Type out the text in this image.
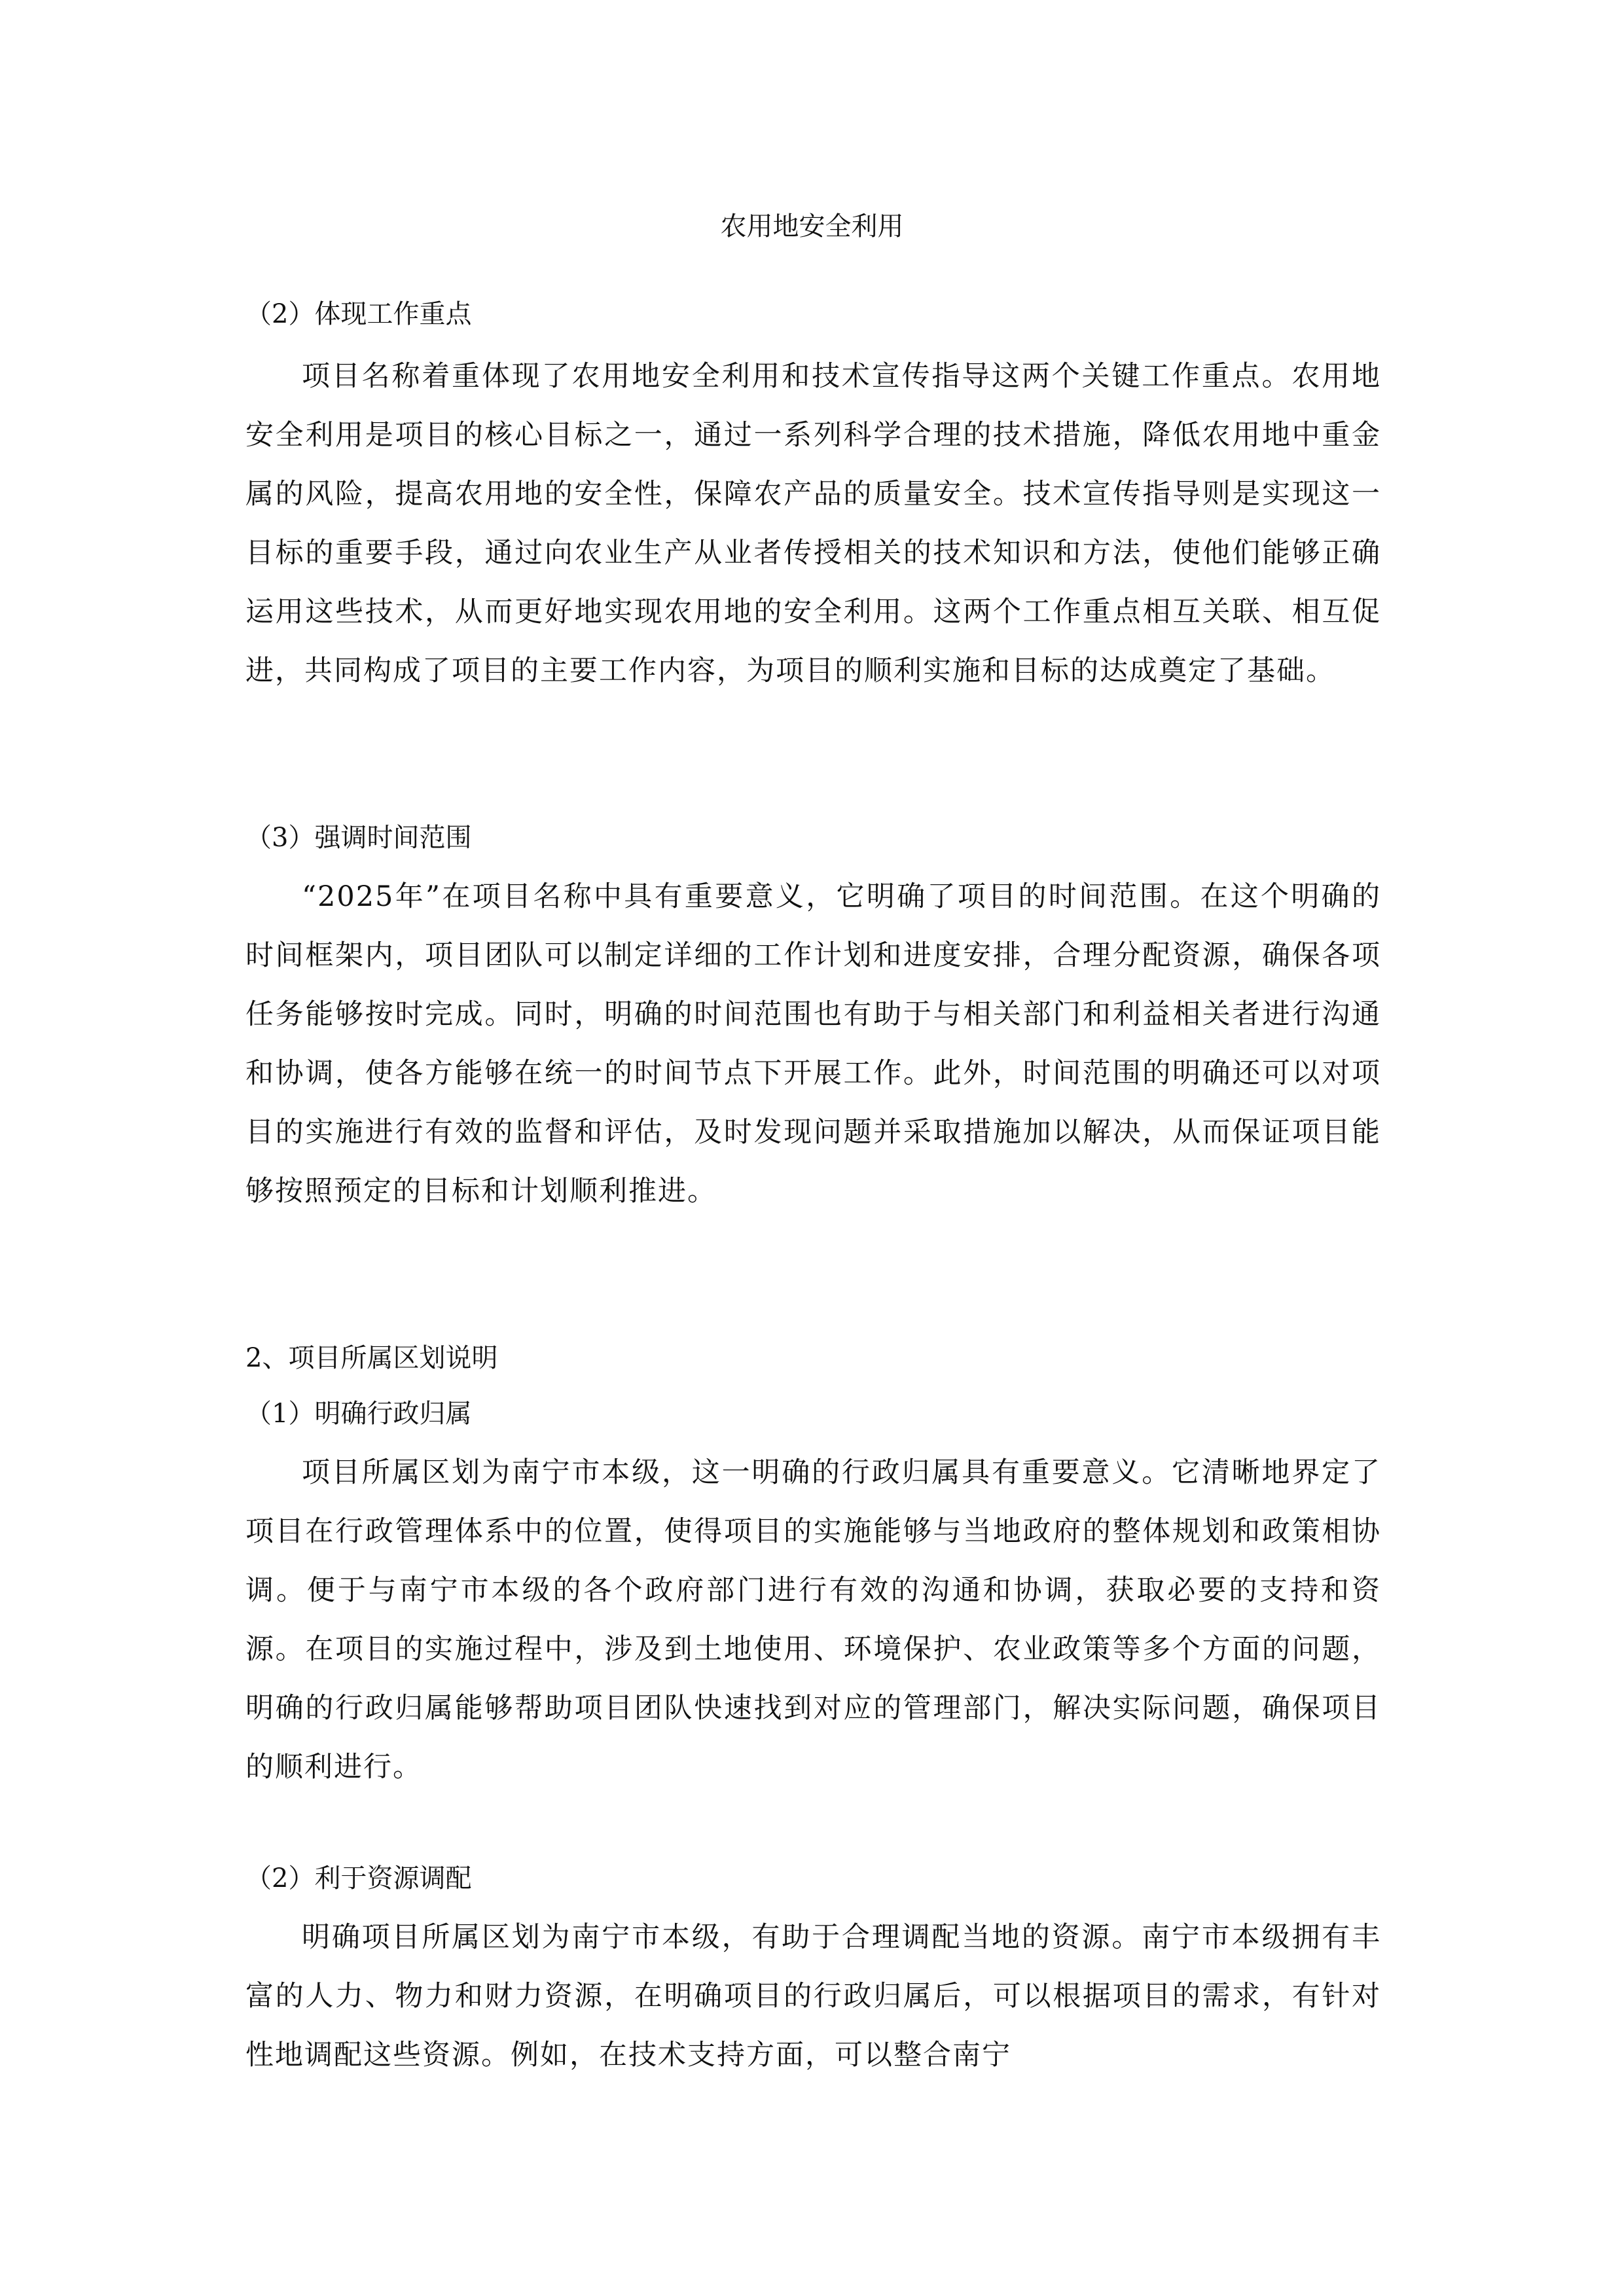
农用地安全利用
（2）体现工作重点

项目名称着重体现了农用地安全利用和技术宣传指导这两个关键工作重点。农用地安全利用是项目的核心目标之一，通过一系列科学合理的技术措施，降低农用地中重金属的风险，提高农用地的安全性，保障农产品的质量安全。技术宣传指导则是实现这一目标的重要手段，通过向农业生产从业者传授相关的技术知识和方法，使他们能够正确运用这些技术，从而更好地实现农用地的安全利用。这两个工作重点相互关联、相互促进，共同构成了项目的主要工作内容，为项目的顺利实施和目标的达成奠定了基础。

（3）强调时间范围

“2025年”在项目名称中具有重要意义，它明确了项目的时间范围。在这个明确的时间框架内，项目团队可以制定详细的工作计划和进度安排，合理分配资源，确保各项任务能够按时完成。同时，明确的时间范围也有助于与相关部门和利益相关者进行沟通和协调，使各方能够在统一的时间节点下开展工作。此外，时间范围的明确还可以对项目的实施进行有效的监督和评估，及时发现问题并采取措施加以解决，从而保证项目能够按照预定的目标和计划顺利推进。

2、项目所属区划说明
（1）明确行政归属

项目所属区划为南宁市本级，这一明确的行政归属具有重要意义。它清晰地界定了项目在行政管理体系中的位置，使得项目的实施能够与当地政府的整体规划和政策相协调。便于与南宁市本级的各个政府部门进行有效的沟通和协调，获取必要的支持和资源。在项目的实施过程中，涉及到土地使用、环境保护、农业政策等多个方面的问题，明确的行政归属能够帮助项目团队快速找到对应的管理部门，解决实际问题，确保项目的顺利进行。

（2）利于资源调配

明确项目所属区划为南宁市本级，有助于合理调配当地的资源。南宁市本级拥有丰富的人力、物力和财力资源，在明确项目的行政归属后，可以根据项目的需求，有针对性地调配这些资源。例如，在技术支持方面，可以整合南宁
